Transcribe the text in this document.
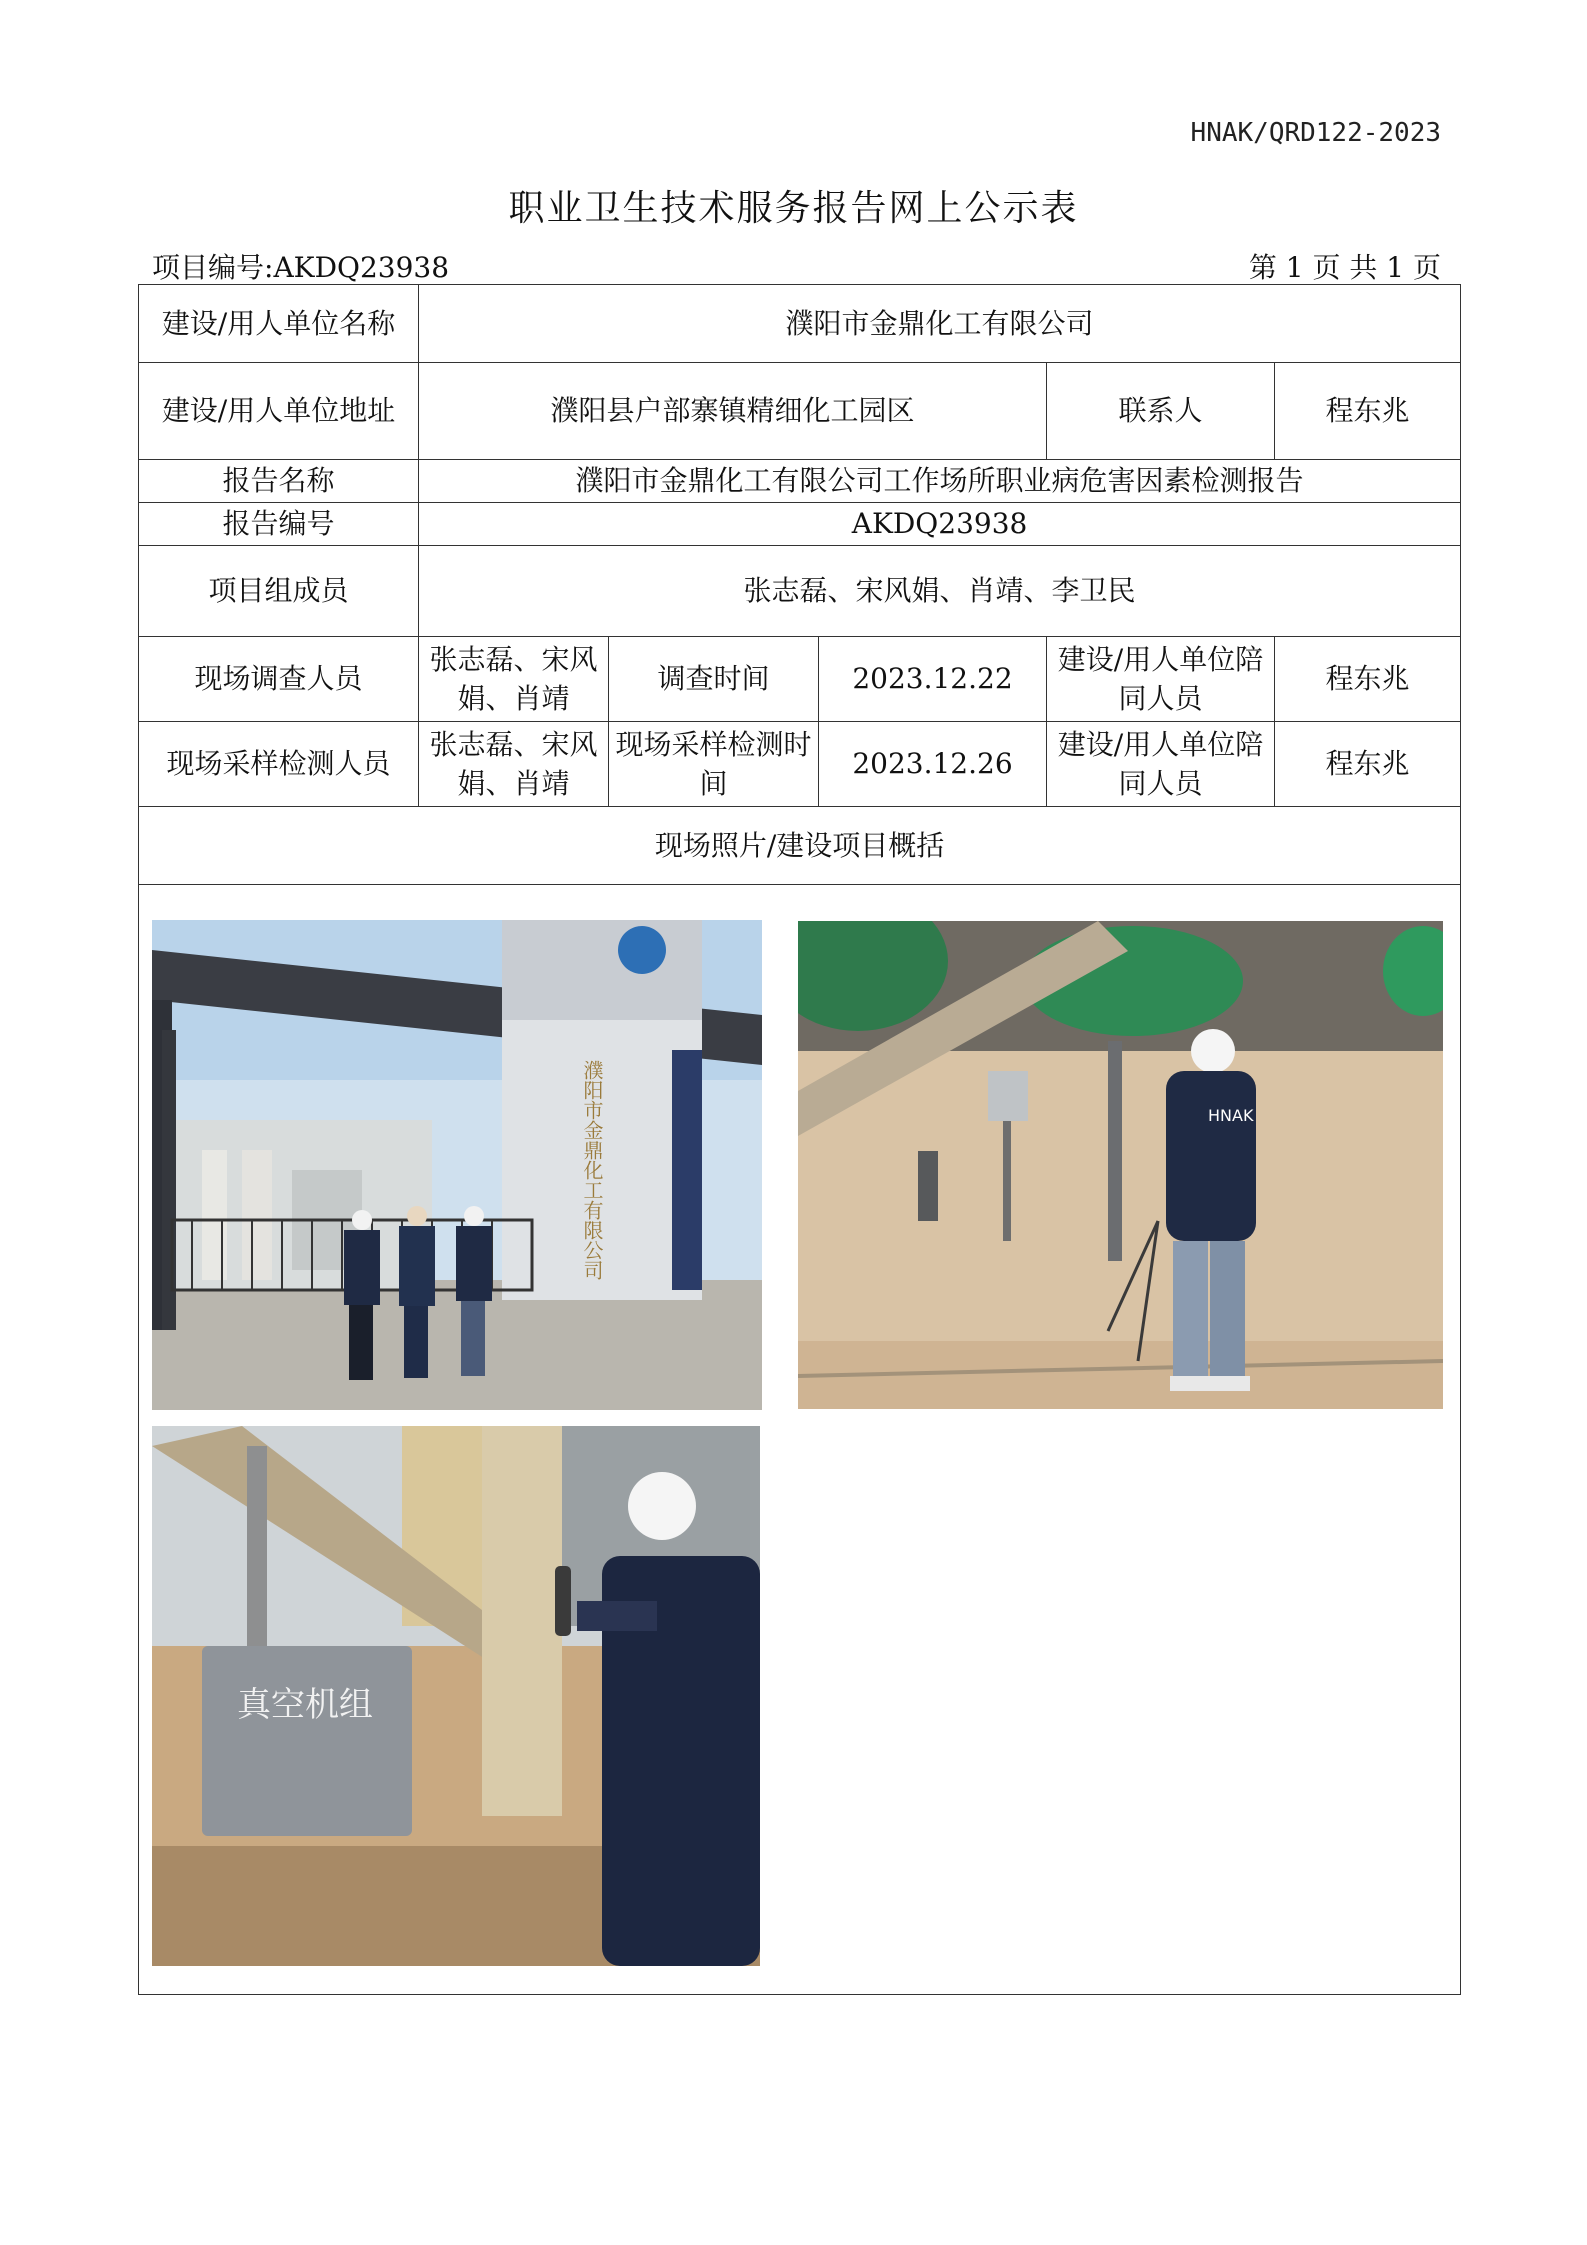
HNAK/QRD122-2023
职业卫生技术服务报告网上公示表
项目编号:AKDQ23938	第 1 页 共 1 页
建设/用人单位名称	濮阳市金鼎化工有限公司				
建设/用人单位地址	濮阳县户部寨镇精细化工园区			联系人	程东兆
报告名称	濮阳市金鼎化工有限公司工作场所职业病危害因素检测报告				
报告编号	AKDQ23938				
项目组成员	张志磊、宋风娟、肖靖、李卫民				
现场调查人员	张志磊、宋风娟、肖靖	调查时间	2023.12.22	建设/用人单位陪同人员	程东兆
现场采样检测人员	张志磊、宋风娟、肖靖	现场采样检测时间	2023.12.26	建设/用人单位陪同人员	程东兆
现场照片/建设项目概括					

濮阳市金鼎化工有限公司 HNAK
真空机组					
